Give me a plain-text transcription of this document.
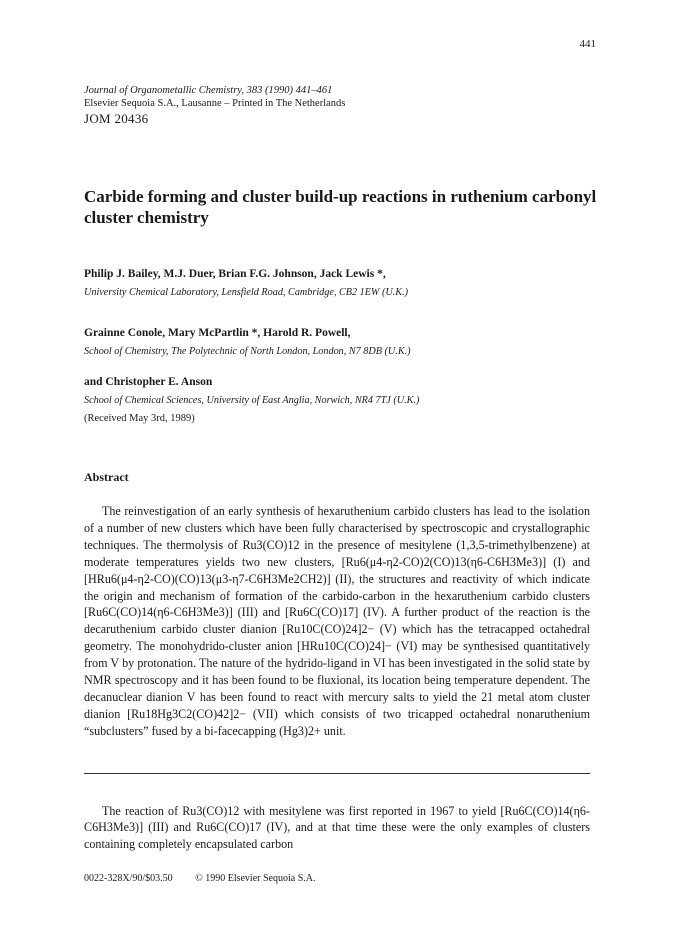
441
Journal of Organometallic Chemistry, 383 (1990) 441–461
Elsevier Sequoia S.A., Lausanne – Printed in The Netherlands
JOM 20436
Carbide forming and cluster build-up reactions in ruthenium carbonyl cluster chemistry
Philip J. Bailey, M.J. Duer, Brian F.G. Johnson, Jack Lewis *,
University Chemical Laboratory, Lensfield Road, Cambridge, CB2 1EW (U.K.)
Grainne Conole, Mary McPartlin *, Harold R. Powell,
School of Chemistry, The Polytechnic of North London, London, N7 8DB (U.K.)
and Christopher E. Anson
School of Chemical Sciences, University of East Anglia, Norwich, NR4 7TJ (U.K.)
(Received May 3rd, 1989)
Abstract

The reinvestigation of an early synthesis of hexaruthenium carbido clusters has lead to the isolation of a number of new clusters which have been fully characterised by spectroscopic and crystallographic techniques. The thermolysis of Ru3(CO)12 in the presence of mesitylene (1,3,5-trimethylbenzene) at moderate temperatures yields two new clusters, [Ru6(μ4-η2-CO)2(CO)13(η6-C6H3Me3)] (I) and [HRu6(μ4-η2-CO)(CO)13(μ3-η7-C6H3Me2CH2)] (II), the structures and reactivity of which indicate the origin and mechanism of formation of the carbido-carbon in the hexaruthenium carbido clusters [Ru6C(CO)14(η6-C6H3Me3)] (III) and [Ru6C(CO)17] (IV). A further product of the reaction is the decaruthenium carbido cluster dianion [Ru10C(CO)24]2− (V) which has the tetracapped octahedral geometry. The monohydrido-cluster anion [HRu10C(CO)24]− (VI) may be synthesised quantitatively from V by protonation. The nature of the hydrido-ligand in VI has been investigated in the solid state by NMR spectroscopy and it has been found to be fluxional, its location being temperature dependent. The decanuclear dianion V has been found to react with mercury salts to yield the 21 metal atom cluster dianion [Ru18Hg3C2(CO)42]2− (VII) which consists of two tricapped octahedral nonaruthenium “subclusters” fused by a bi-facecapping (Hg3)2+ unit.

The reaction of Ru3(CO)12 with mesitylene was first reported in 1967 to yield [Ru6C(CO)14(η6-C6H3Me3)] (III) and Ru6C(CO)17 (IV), and at that time these were the only examples of clusters containing completely encapsulated carbon

0022-328X/90/$03.50 © 1990 Elsevier Sequoia S.A.
